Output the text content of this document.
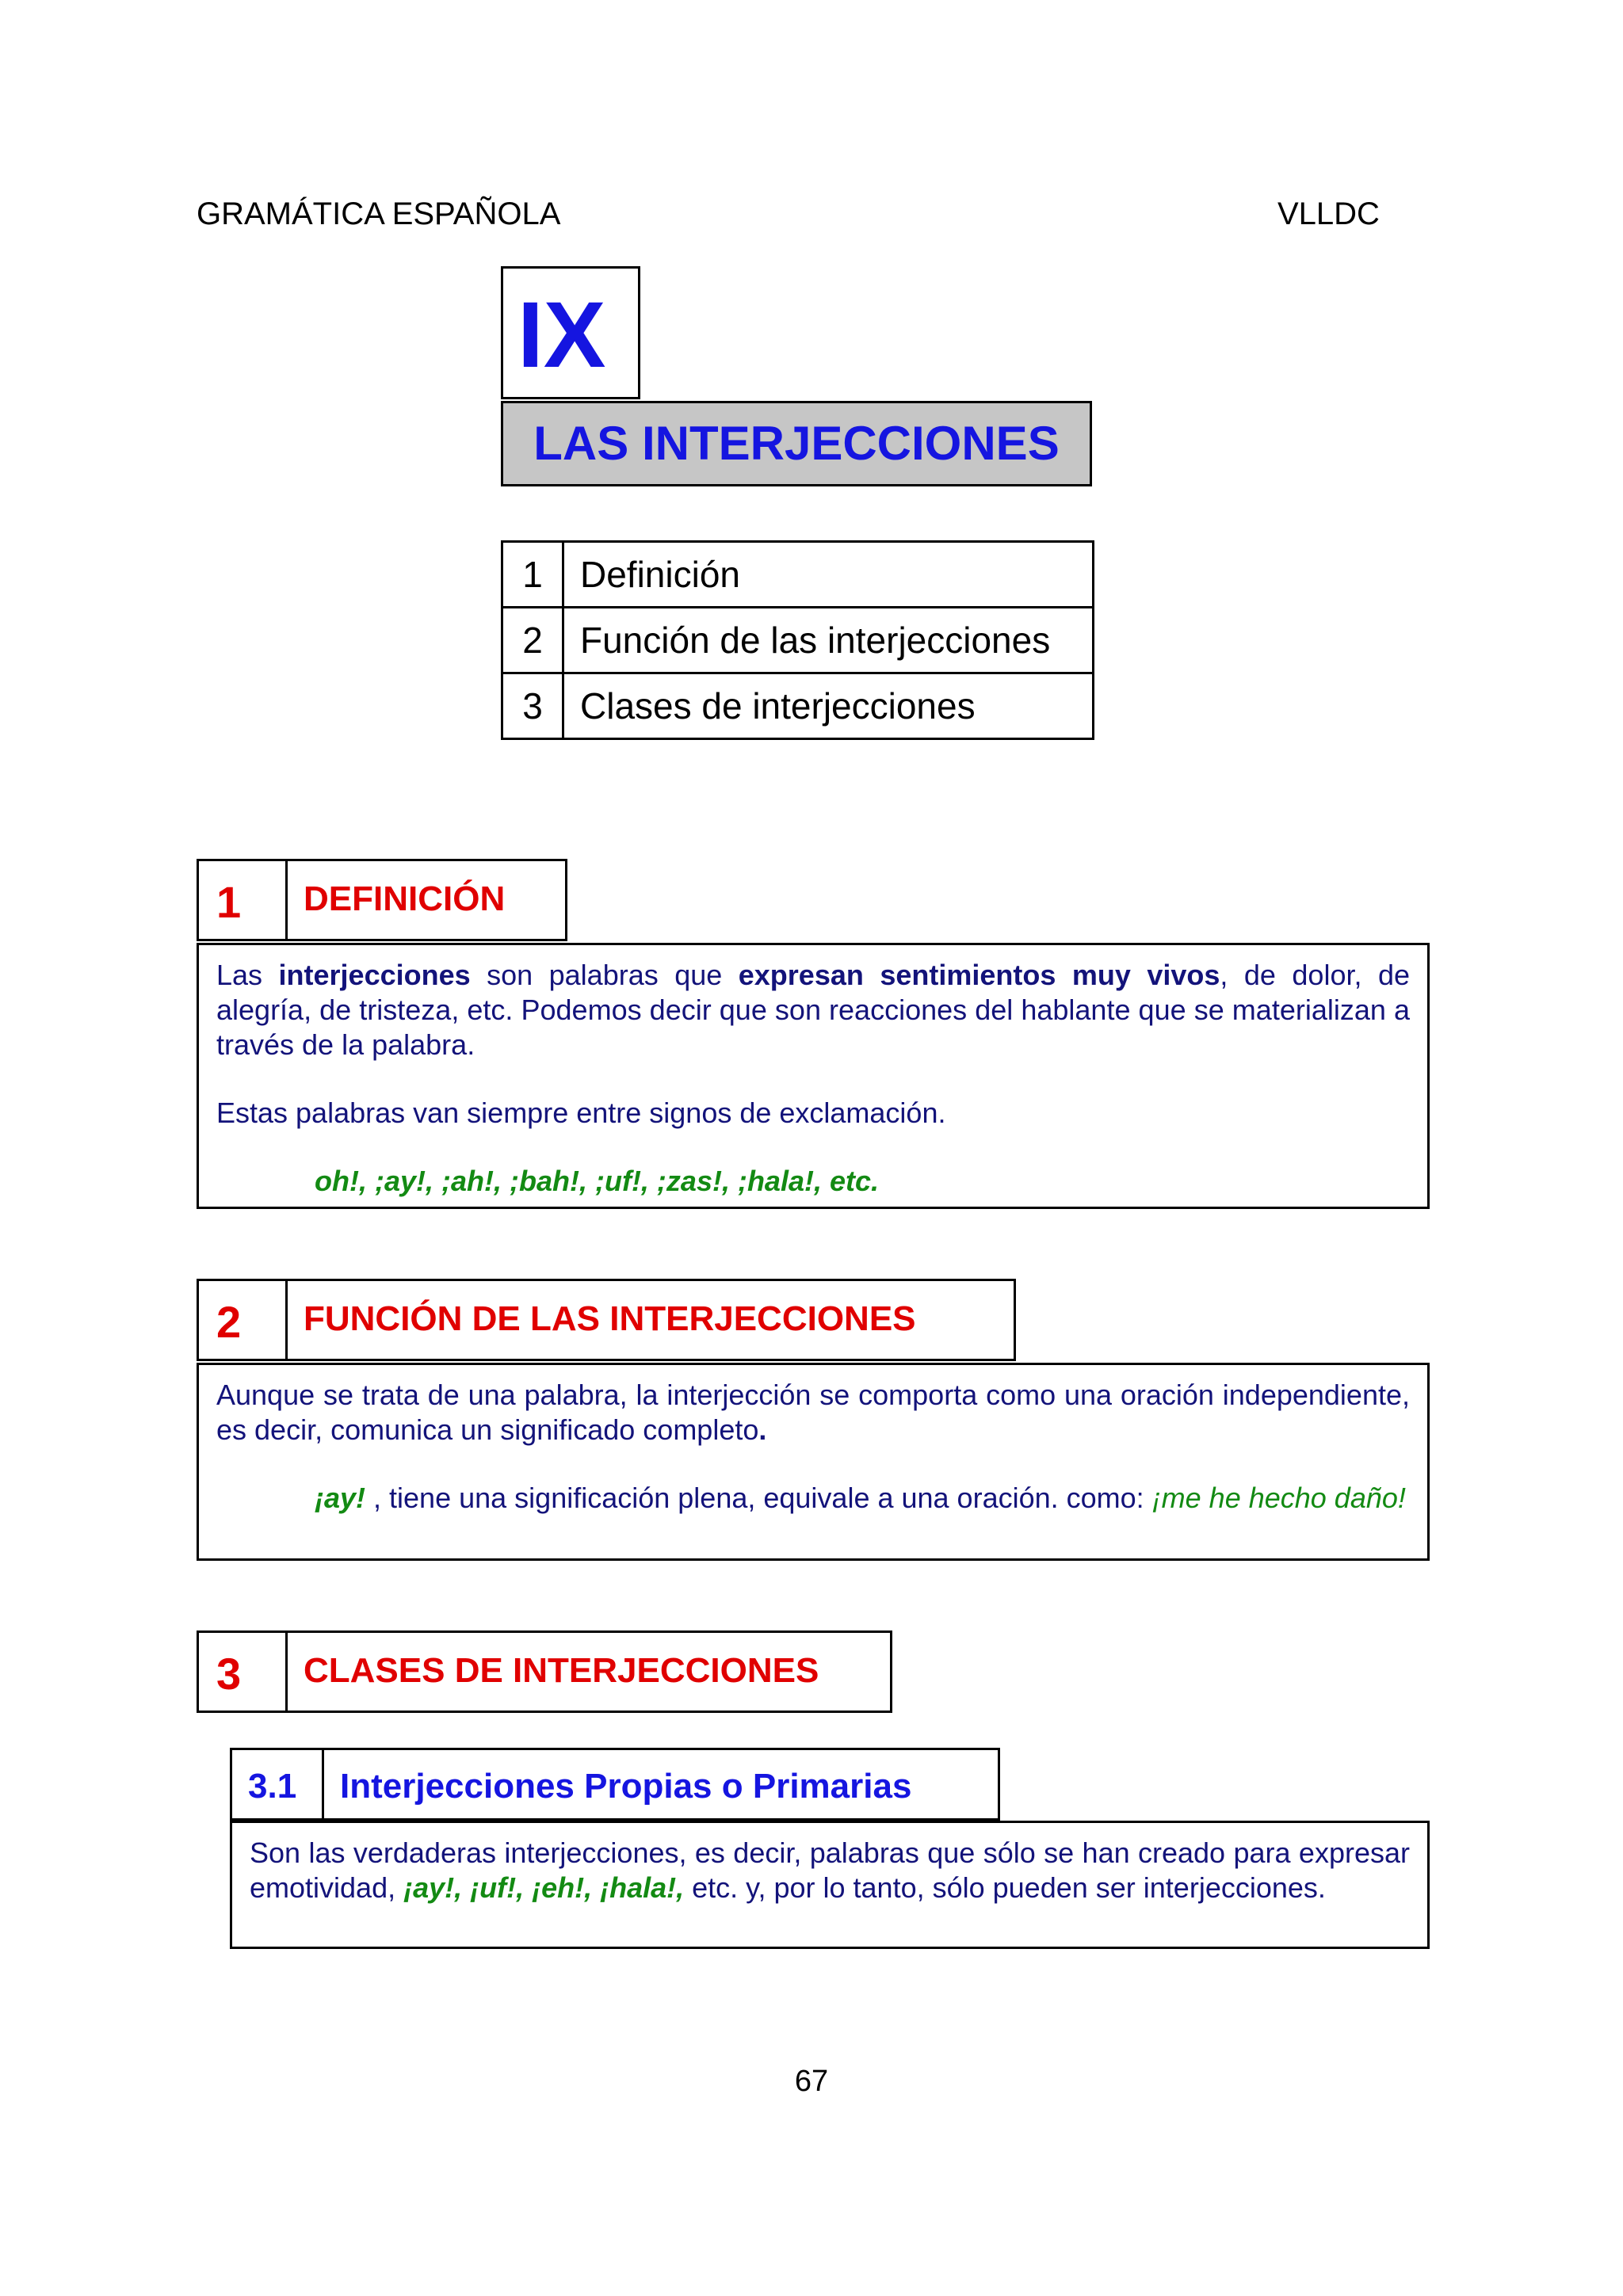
GRAMÁTICA ESPAÑOLA	VLLDC
IX
LAS INTERJECCIONES
1	Definición
2	Función de las interjecciones
3	Clases de interjecciones
1	DEFINICIÓN

Las interjecciones son palabras que expresan sentimientos muy vivos, de dolor, de alegría, de tristeza, etc. Podemos decir que son reacciones del hablante que se materializan a través de la palabra.

Estas palabras van siempre entre signos de exclamación.

oh!, ;ay!, ;ah!, ;bah!, ;uf!, ;zas!, ;hala!, etc.

2	FUNCIÓN DE LAS INTERJECCIONES

Aunque se trata de una palabra, la interjección se comporta como una oración independiente, es decir, comunica un significado completo.

¡ay! , tiene una significación plena, equivale a una oración. como: ¡me he hecho daño!

3	CLASES DE INTERJECCIONES
3.1	Interjecciones Propias o Primarias

Son las verdaderas interjecciones, es decir, palabras que sólo se han creado para expresar emotividad, ¡ay!, ¡uf!, ¡eh!, ¡hala!, etc. y, por lo tanto, sólo pueden ser interjecciones.

67
